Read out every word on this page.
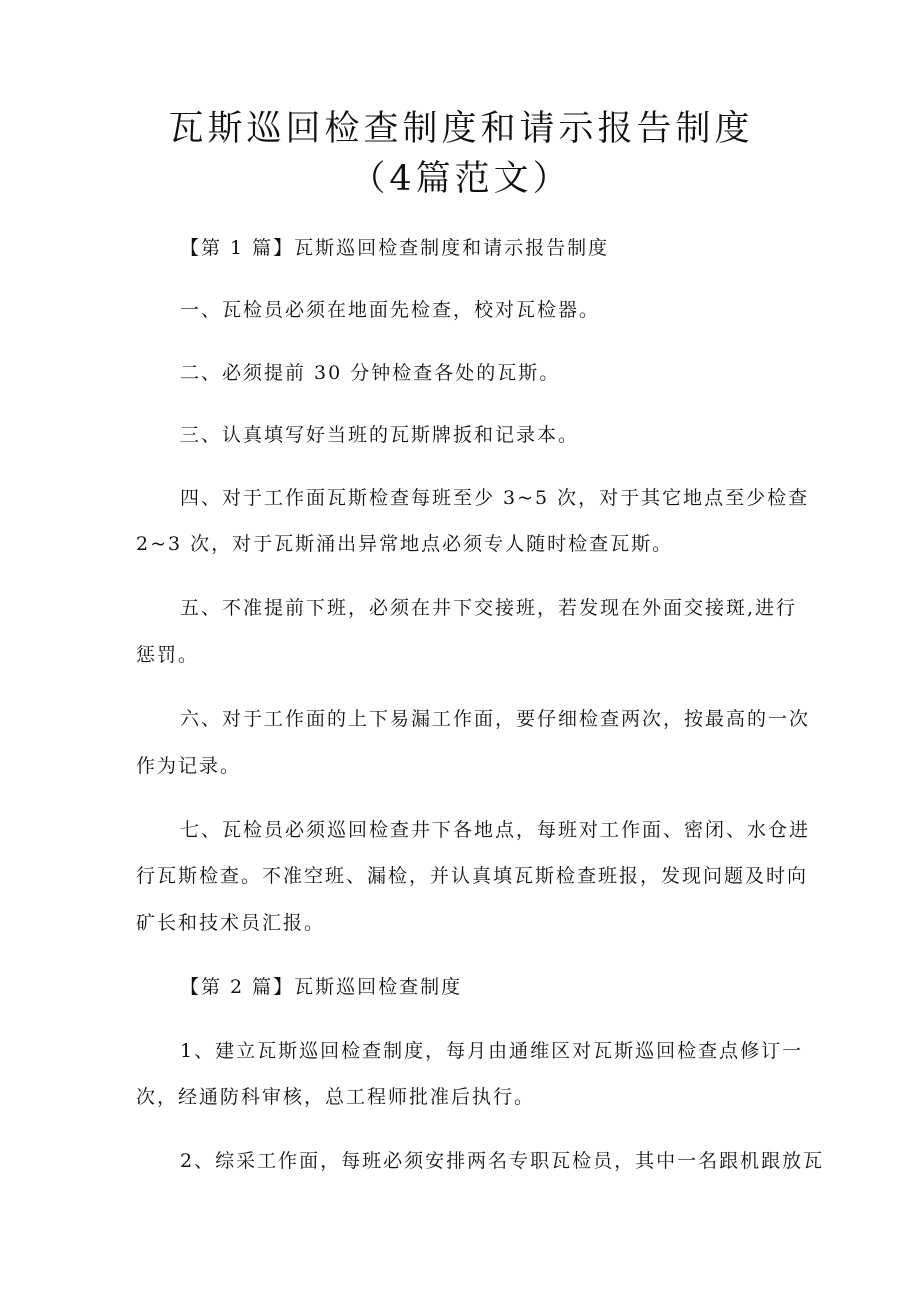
瓦斯巡回检查制度和请示报告制度（4篇范文）

【第 1 篇】瓦斯巡回检查制度和请示报告制度

一、瓦检员必须在地面先检查，校对瓦检器。

二、必须提前 30 分钟检查各处的瓦斯。

三、认真填写好当班的瓦斯牌扳和记录本。

四、对于工作面瓦斯检查每班至少 3~5 次，对于其它地点至少检查

2~3 次，对于瓦斯涌出异常地点必须专人随时检查瓦斯。

五、不准提前下班，必须在井下交接班，若发现在外面交接斑,进行

惩罚。

六、对于工作面的上下易漏工作面，要仔细检查两次，按最高的一次

作为记录。

七、瓦检员必须巡回检查井下各地点，每班对工作面、密闭、水仓进

行瓦斯检查。不准空班、漏检，并认真填瓦斯检查班报，发现问题及时向

矿长和技术员汇报。

【第 2 篇】瓦斯巡回检查制度

1、建立瓦斯巡回检查制度，每月由通维区对瓦斯巡回检查点修订一

次，经通防科审核，总工程师批准后执行。

2、综采工作面，每班必须安排两名专职瓦检员，其中一名跟机跟放瓦
